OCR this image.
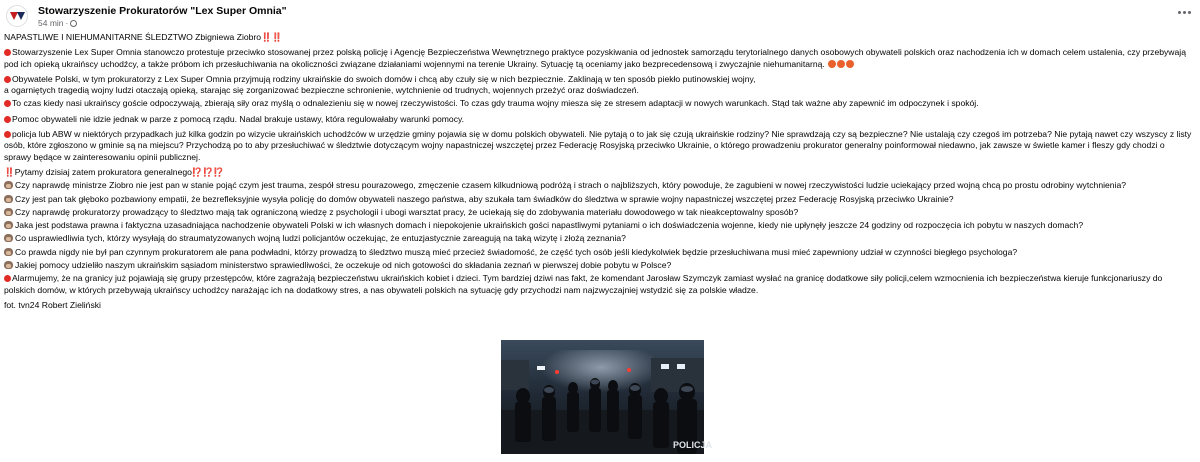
Stowarzyszenie Prokuratorów "Lex Super Omnia"
54 min ·

NAPASTLIWE I NIEHUMANITARNE ŚLEDZTWO Zbigniewa Ziobro‼️‼️

Stowarzyszenie Lex Super Omnia stanowczo protestuje przeciwko stosowanej przez polską policję i Agencję Bezpieczeństwa Wewnętrznego praktyce pozyskiwania od jednostek samorządu terytorialnego danych osobowych obywateli polskich oraz nachodzenia ich w domach celem ustalenia, czy przebywają pod ich opieką ukraińscy uchodźcy, a także próbom ich przesłuchiwania na okoliczności związane działaniami wojennymi na terenie Ukrainy. Sytuację tą oceniamy jako bezprecedensową i zwyczajnie niehumanitarną.

Obywatele Polski, w tym prokuratorzy z Lex Super Omnia przyjmują rodziny ukraińskie do swoich domów i chcą aby czuły się w nich bezpiecznie. Zaklinają w ten sposób piekło putinowskiej wojny,
a ogarniętych tragedią wojny ludzi otaczają opieką, starając się zorganizować bezpieczne schronienie, wytchnienie od trudnych, wojennych przeżyć oraz doświadczeń.

To czas kiedy nasi ukraińscy goście odpoczywają, zbierają siły oraz myślą o odnalezieniu się w nowej rzeczywistości. To czas gdy trauma wojny miesza się ze stresem adaptacji w nowych warunkach. Stąd tak ważne aby zapewnić im odpoczynek i spokój.

Pomoc obywateli nie idzie jednak w parze z pomocą rządu. Nadal brakuje ustawy, która regulowałaby warunki pomocy.

policja lub ABW w niektórych przypadkach już kilka godzin po wizycie ukraińskich uchodźców w urzędzie gminy pojawia się w domu polskich obywateli. Nie pytają o to jak się czują ukraińskie rodziny? Nie sprawdzają czy są bezpieczne? Nie ustalają czy czegoś im potrzeba? Nie pytają nawet czy wszyscy z listy osób, które zgłoszono w gminie są na miejscu? Przychodzą po to aby przesłuchiwać w śledztwie dotyczącym wojny napastniczej wszczętej przez Federację Rosyjską przeciwko Ukrainie, o którego prowadzeniu prokurator generalny poinformował niedawno, jak zawsze w świetle kamer i fleszy gdy chodzi o sprawy będące w zainteresowaniu opinii publicznej.

‼️Pytamy dzisiaj zatem prokuratora generalnego⁉️⁉️⁉️

Czy naprawdę ministrze Ziobro nie jest pan w stanie pojąć czym jest trauma, zespół stresu pourazowego, zmęczenie czasem kilkudniową podróżą i strach o najbliższych, który powoduje, że zagubieni w nowej rzeczywistości ludzie uciekający przed wojną chcą po prostu odrobiny wytchnienia?

Czy jest pan tak głęboko pozbawiony empatii, że bezrefleksyjnie wysyła policję do domów obywateli naszego państwa, aby szukała tam świadków do śledztwa w sprawie wojny napastniczej wszczętej przez Federację Rosyjską przeciwko Ukrainie?

Czy naprawdę prokuratorzy prowadzący to śledztwo mają tak ograniczoną wiedzę z psychologii i ubogi warsztat pracy, że uciekają się do zdobywania materiału dowodowego w tak nieakceptowalny sposób?

Jaka jest podstawa prawna i faktyczna uzasadniająca nachodzenie obywateli Polski w ich własnych domach i niepokojenie ukraińskich gości napastliwymi pytaniami o ich doświadczenia wojenne, kiedy nie upłynęły jeszcze 24 godziny od rozpoczęcia ich pobytu w naszych domach?

Co usprawiedliwia tych, którzy wysyłają do straumatyzowanych wojną ludzi policjantów oczekując, że entuzjastycznie zareagują na taką wizytę i złożą zeznania?

Co prawda nigdy nie był pan czynnym prokuratorem ale pana podwładni, którzy prowadzą to śledztwo muszą mieć przecież świadomość, że część tych osób jeśli kiedykolwiek będzie przesłuchiwana musi mieć zapewniony udział w czynności biegłego psychologa?

Jakiej pomocy udzieliło naszym ukraińskim sąsiadom ministerstwo sprawiedliwości, że oczekuje od nich gotowości do składania zeznań w pierwszej dobie pobytu w Polsce?

Alarmujemy, że na granicy już pojawiają się grupy przestępców, które zagrażają bezpieczeństwu ukraińskich kobiet i dzieci. Tym bardziej dziwi nas fakt, że komendant Jarosław Szymczyk zamiast wysłać na granicę dodatkowe siły policji,celem wzmocnienia ich bezpieczeństwa kieruje funkcjonariuszy do polskich domów, w których przebywają ukraińscy uchodźcy narażając ich na dodatkowy stres, a nas obywateli polskich na sytuację gdy przychodzi nam najzwyczajniej wstydzić się za polskie władze.

fot. tvn24 Robert Zieliński

POLICJA
